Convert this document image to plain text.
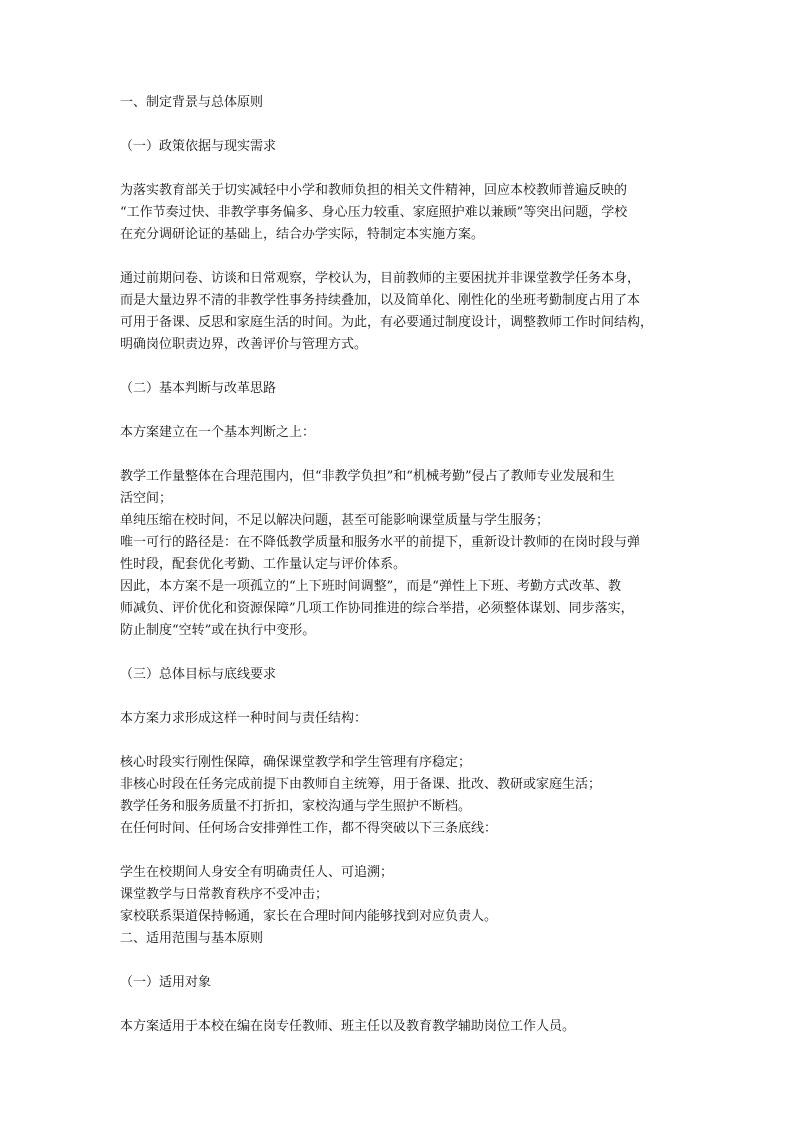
一、制定背景与总体原则
（一）政策依据与现实需求
为落实教育部关于切实减轻中小学和教师负担的相关文件精神，回应本校教师普遍反映的
“工作节奏过快、非教学事务偏多、身心压力较重、家庭照护难以兼顾”等突出问题，学校
在充分调研论证的基础上，结合办学实际，特制定本实施方案。
通过前期问卷、访谈和日常观察，学校认为，目前教师的主要困扰并非课堂教学任务本身，
而是大量边界不清的非教学性事务持续叠加，以及简单化、刚性化的坐班考勤制度占用了本
可用于备课、反思和家庭生活的时间。为此，有必要通过制度设计，调整教师工作时间结构，
明确岗位职责边界，改善评价与管理方式。
（二）基本判断与改革思路
本方案建立在一个基本判断之上：
教学工作量整体在合理范围内，但“非教学负担”和“机械考勤”侵占了教师专业发展和生
活空间；
单纯压缩在校时间，不足以解决问题，甚至可能影响课堂质量与学生服务；
唯一可行的路径是：在不降低教学质量和服务水平的前提下，重新设计教师的在岗时段与弹
性时段，配套优化考勤、工作量认定与评价体系。
因此，本方案不是一项孤立的“上下班时间调整”，而是“弹性上下班、考勤方式改革、教
师减负、评价优化和资源保障”几项工作协同推进的综合举措，必须整体谋划、同步落实，
防止制度“空转”或在执行中变形。
（三）总体目标与底线要求
本方案力求形成这样一种时间与责任结构：
核心时段实行刚性保障，确保课堂教学和学生管理有序稳定；
非核心时段在任务完成前提下由教师自主统筹，用于备课、批改、教研或家庭生活；
教学任务和服务质量不打折扣，家校沟通与学生照护不断档。
在任何时间、任何场合安排弹性工作，都不得突破以下三条底线：
学生在校期间人身安全有明确责任人、可追溯；
课堂教学与日常教育秩序不受冲击；
家校联系渠道保持畅通，家长在合理时间内能够找到对应负责人。
二、适用范围与基本原则
（一）适用对象
本方案适用于本校在编在岗专任教师、班主任以及教育教学辅助岗位工作人员。
